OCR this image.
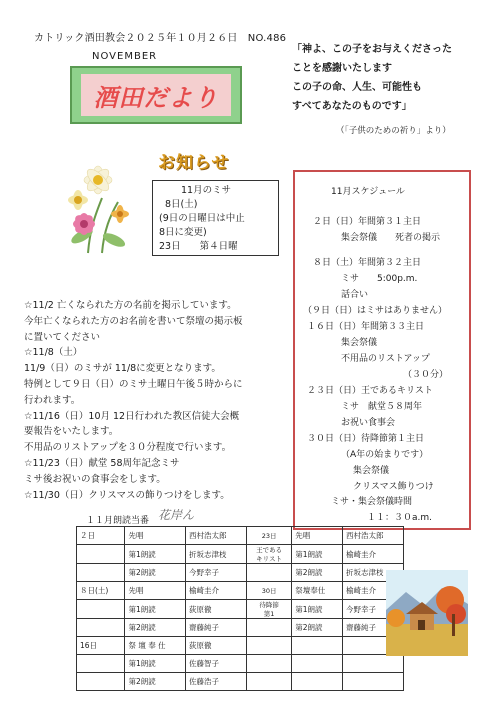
カトリック酒田教会２０２５年１０月２６日　NO.486
NOVEMBER
酒田だより
「神よ、この子をお与えくださった
ことを感謝いたします
この子の命、人生、可能性も
すべてあなたのものです」
（「子供のための祈り」より）
お知らせ
11月のミサ
8日(土)
(9日の日曜日は中止
8日に変更)
23日　　第４日曜
11月スケジュール
２日（日）年間第３１主日
集会祭儀　　死者の掲示
８日（土）年間第３２主日
ミサ　　5:00p.m.
話合い
（９日（日）はミサはありません）
１６日（日）年間第３３主日
集会祭儀
不用品のリストアップ
（３０分）
２３日（日）王であるキリスト
ミサ　献堂５８周年
お祝い食事会
３０日（日）待降節第１主日
（A年の始まりです）
集会祭儀
クリスマス飾りつけ
ミサ・集会祭儀時間
１１：３０a.m.
☆11/2 亡くなられた方の名前を掲示しています。
今年亡くなられた方のお名前を書いて祭壇の掲示板
に置いてください
☆11/8（土）
11/9（日）のミサが 11/8に変更となります。
特例として９日（日）のミサ土曜日午後５時からに
行われます。
☆11/16（日）10月 12日行われた教区信徒大会概
要報告をいたします。
不用品のリストアップを３０分程度で行います。
☆11/23（日）献堂 58周年記念ミサ
ミサ後お祝いの食事会をします。
☆11/30（日）クリスマスの飾りつけをします。
１１月朗読当番 花岸ん
２日	先唱	西村浩太郎	23日	先唱	西村浩太郎
	第1朗読	折坂志津枝	王である
キリスト	第1朗読	榆崎圭介
	第2朗読	今野幸子		第2朗読	折坂志津枝
８日(土)	先唱	榆崎圭介	30日	祭壇奉仕	榆崎圭介
	第1朗読	荻原徹	待降節
第1	第1朗読	今野幸子
	第2朗読	齋藤純子		第2朗読	齋藤純子
16日	祭 壇 奉 仕	荻原徹			
	第1朗読	佐藤智子			
	第2朗読	佐藤浩子			
